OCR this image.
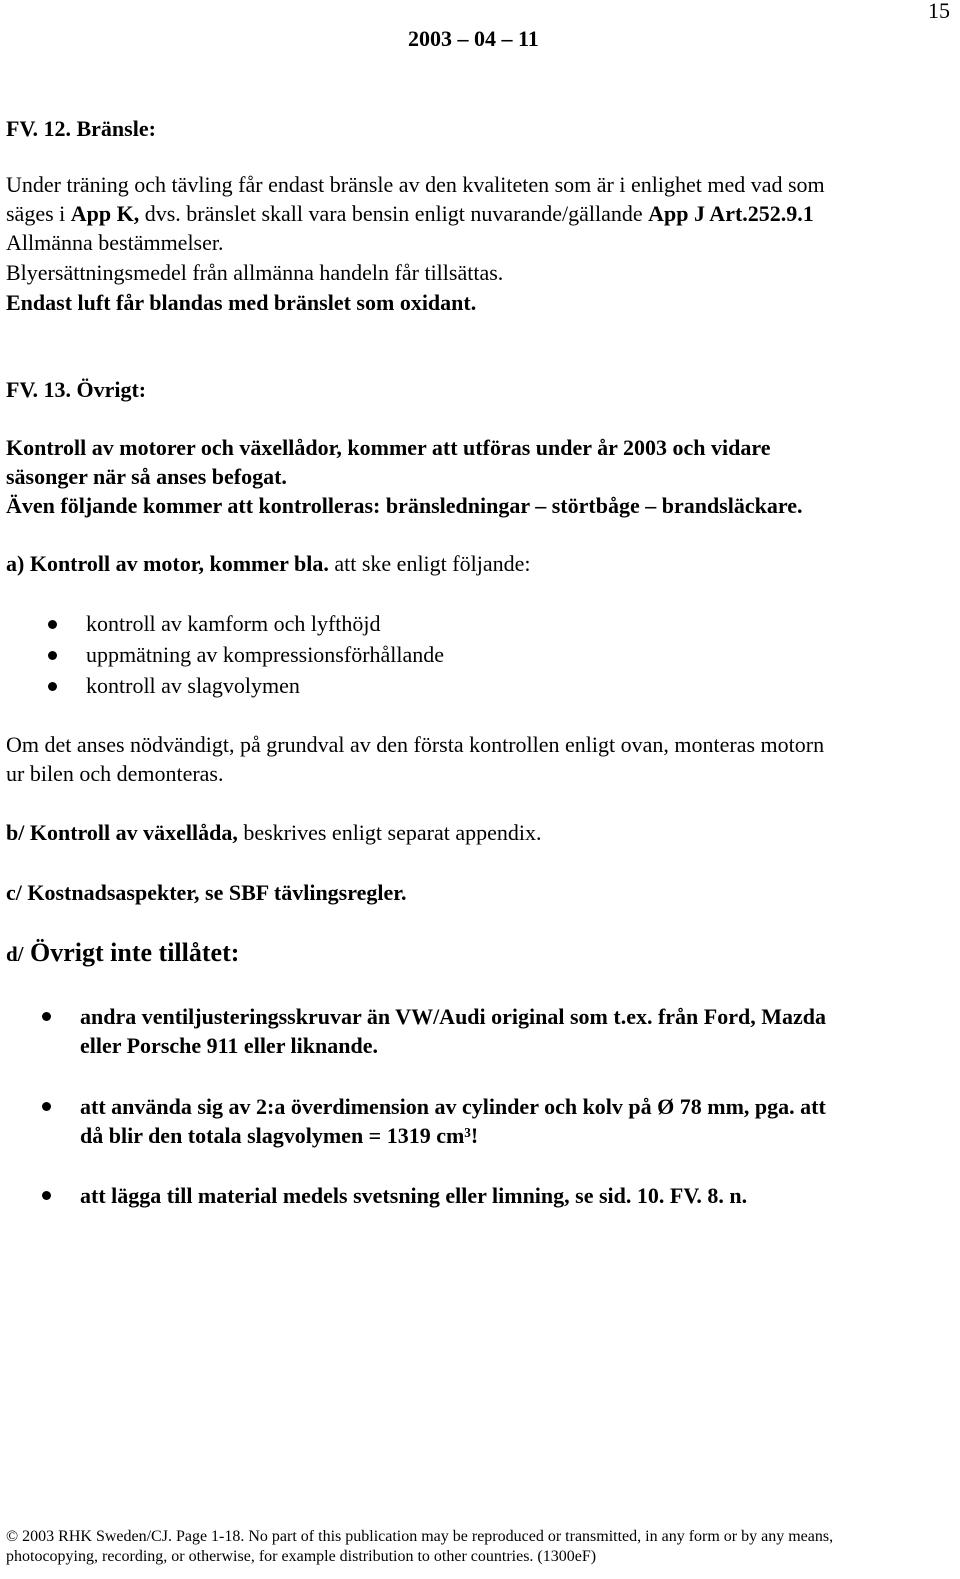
15
2003 – 04 – 11
FV. 12. Bränsle:
Under träning och tävling får endast bränsle av den kvaliteten som är i enlighet med vad som
säges i App K, dvs. bränslet skall vara bensin enligt nuvarande/gällande App J Art.252.9.1
Allmänna bestämmelser.
Blyersättningsmedel från allmänna handeln får tillsättas.
Endast luft får blandas med bränslet som oxidant.
FV. 13. Övrigt:
Kontroll av motorer och växellådor, kommer att utföras under år 2003 och vidare
säsonger när så anses befogat.
Även följande kommer att kontrolleras: bränsledningar – störtbåge – brandsläckare.
a) Kontroll av motor, kommer bla. att ske enligt följande:
kontroll av kamform och lyfthöjd
uppmätning av kompressionsförhållande
kontroll av slagvolymen
Om det anses nödvändigt, på grundval av den första kontrollen enligt ovan, monteras motorn
ur bilen och demonteras.
b/ Kontroll av växellåda, beskrives enligt separat appendix.
c/ Kostnadsaspekter, se SBF tävlingsregler.
d/ Övrigt inte tillåtet:
andra ventiljusteringsskruvar än VW/Audi original som t.ex. från Ford, Mazda
eller Porsche 911 eller liknande.
att använda sig av 2:a överdimension av cylinder och kolv på Ø 78 mm, pga. att
då blir den totala slagvolymen = 1319 cm³!
att lägga till material medels svetsning eller limning, se sid. 10. FV. 8. n.
© 2003 RHK Sweden/CJ. Page 1-18. No part of this publication may be reproduced or transmitted, in any form or by any means,
photocopying, recording, or otherwise, for example distribution to other countries. (1300eF)
